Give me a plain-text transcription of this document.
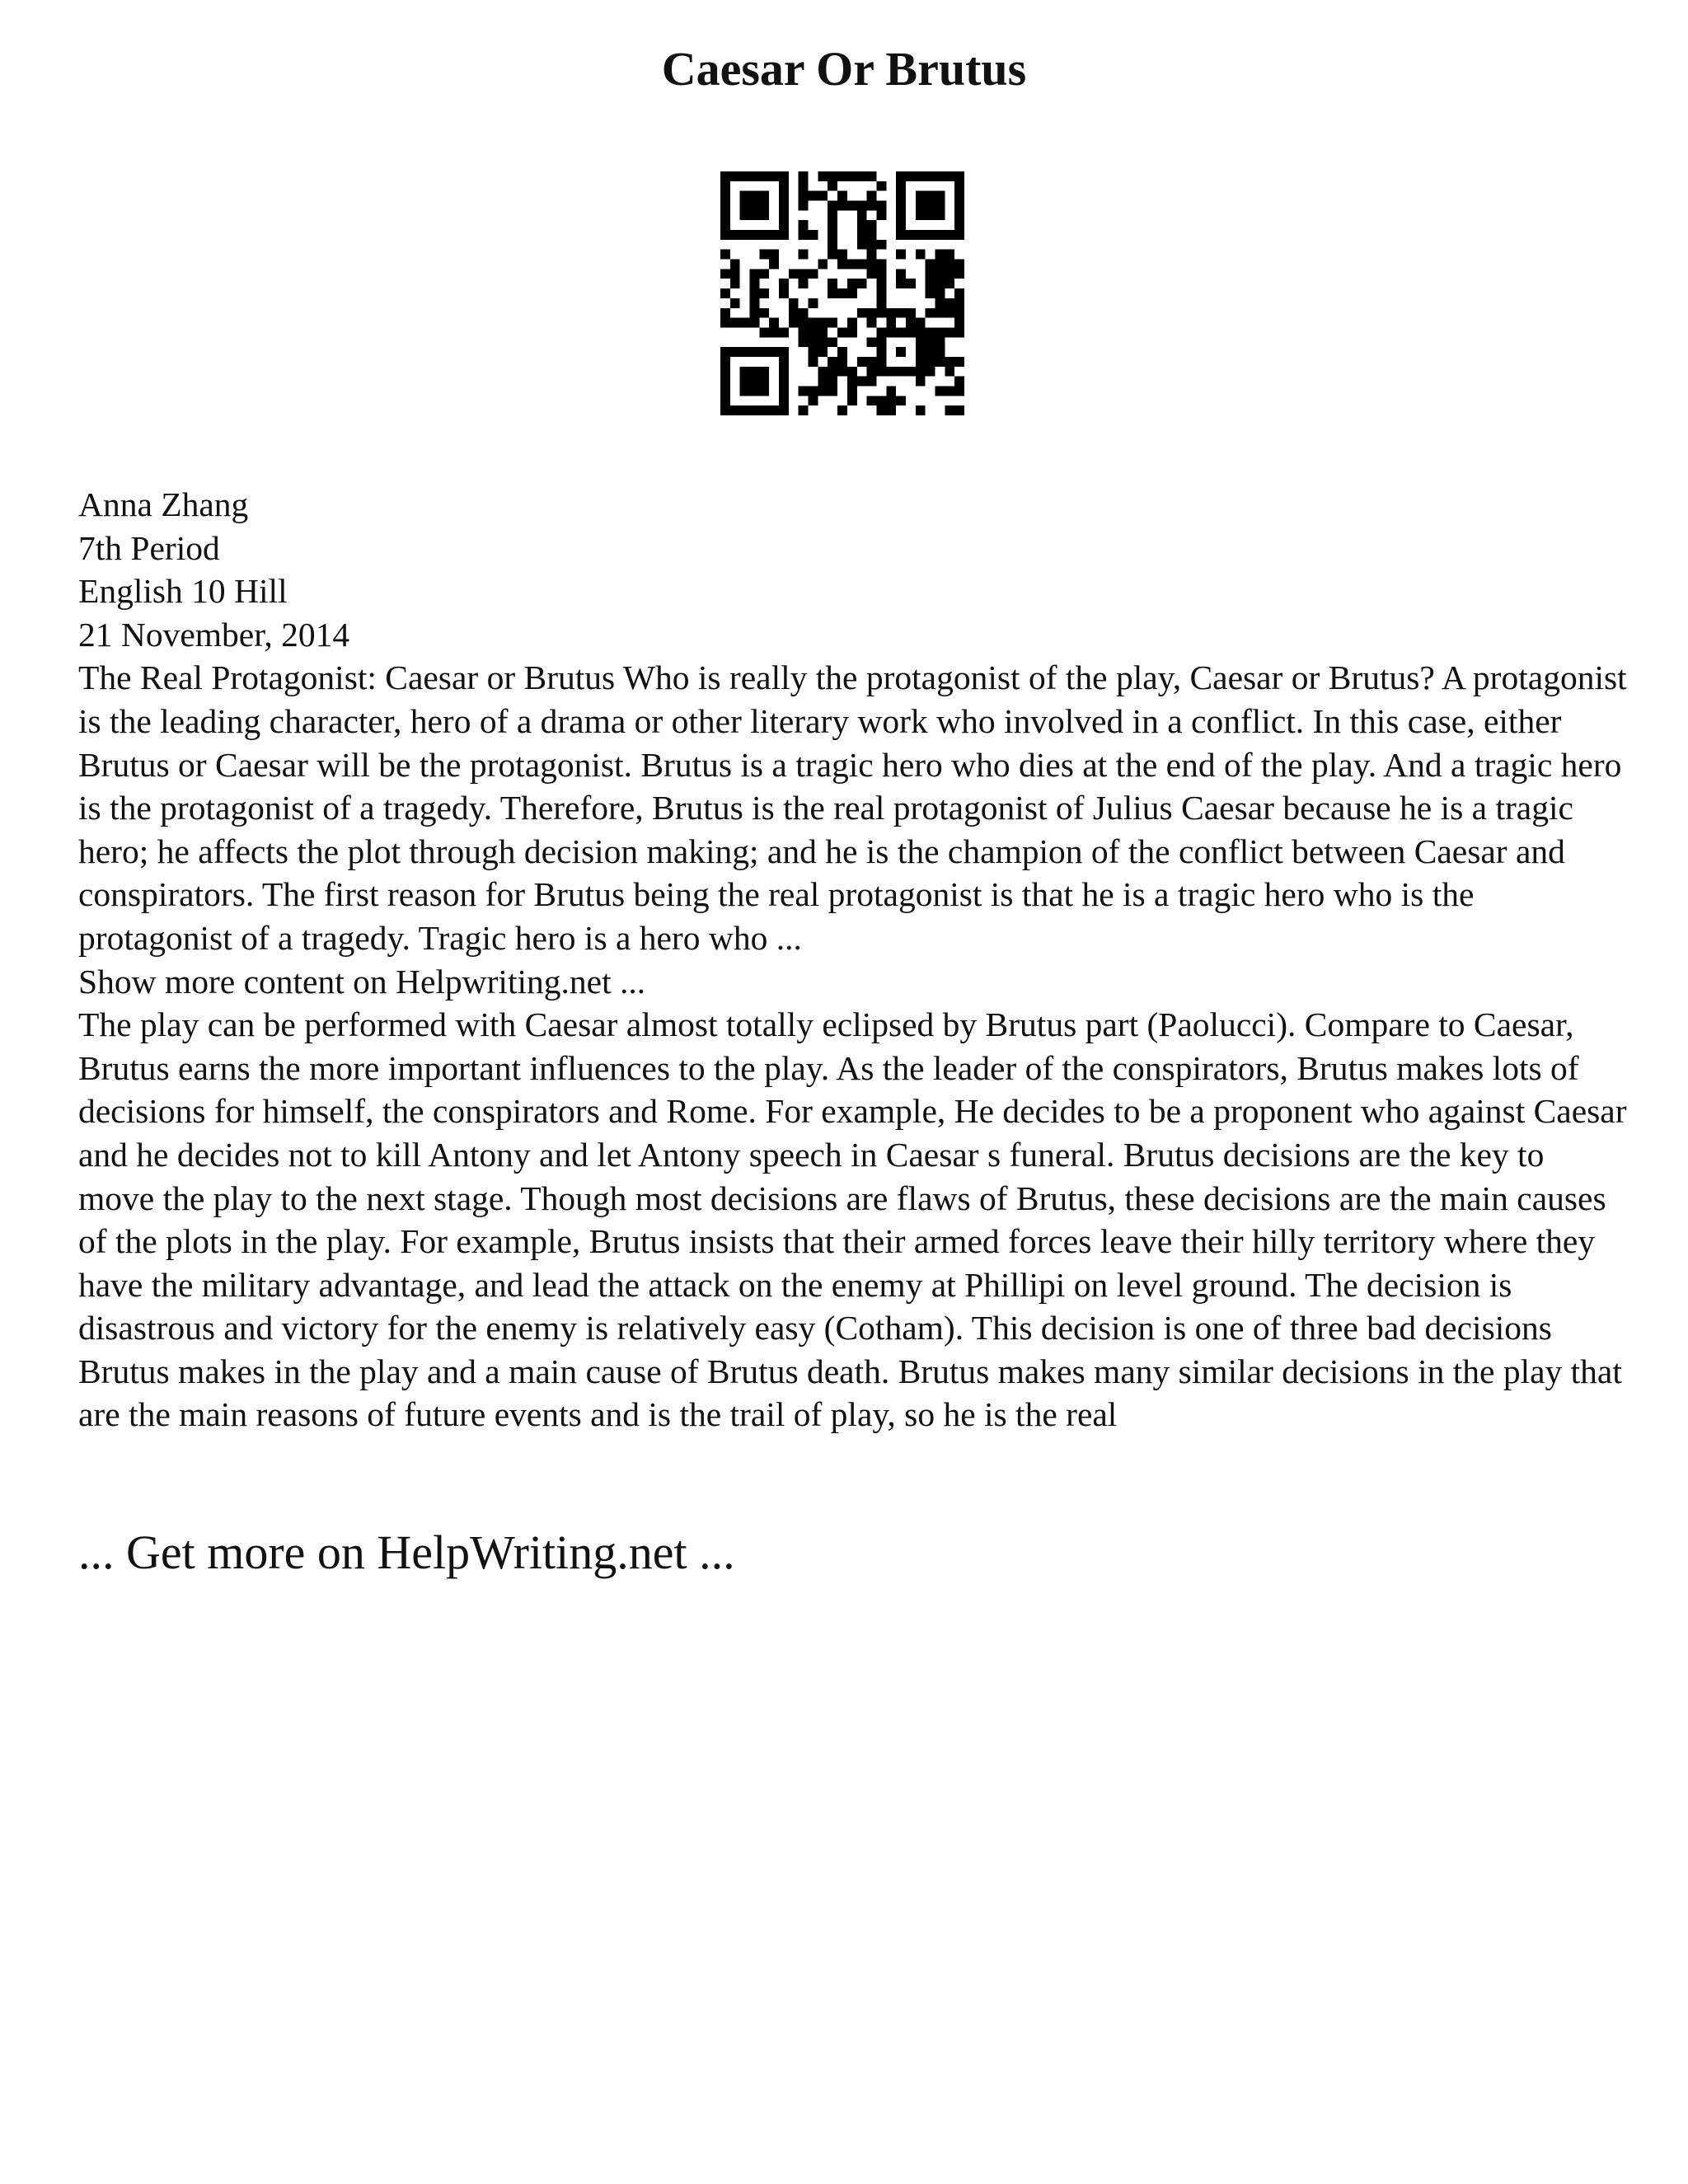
Caesar Or Brutus
Anna Zhang
7th Period
English 10 Hill
21 November, 2014

The Real Protagonist: Caesar or Brutus Who is really the protagonist of the play, Caesar or Brutus? A protagonist is the leading character, hero of a drama or other literary work who involved in a conflict. In this case, either Brutus or Caesar will be the protagonist. Brutus is a tragic hero who dies at the end of the play. And a tragic hero is the protagonist of a tragedy. Therefore, Brutus is the real protagonist of Julius Caesar because he is a tragic hero; he affects the plot through decision making; and he is the champion of the conflict between Caesar and conspirators. The first reason for Brutus being the real protagonist is that he is a tragic hero who is the protagonist of a tragedy. Tragic hero is a hero who ...

Show more content on Helpwriting.net ...

The play can be performed with Caesar almost totally eclipsed by Brutus part (Paolucci). Compare to Caesar, Brutus earns the more important influences to the play. As the leader of the conspirators, Brutus makes lots of decisions for himself, the conspirators and Rome. For example, He decides to be a proponent who against Caesar and he decides not to kill Antony and let Antony speech in Caesar s funeral. Brutus decisions are the key to move the play to the next stage. Though most decisions are flaws of Brutus, these decisions are the main causes of the plots in the play. For example, Brutus insists that their armed forces leave their hilly territory where they have the military advantage, and lead the attack on the enemy at Phillipi on level ground. The decision is disastrous and victory for the enemy is relatively easy (Cotham). This decision is one of three bad decisions Brutus makes in the play and a main cause of Brutus death. Brutus makes many similar decisions in the play that are the main reasons of future events and is the trail of play, so he is the real

... Get more on HelpWriting.net ...
